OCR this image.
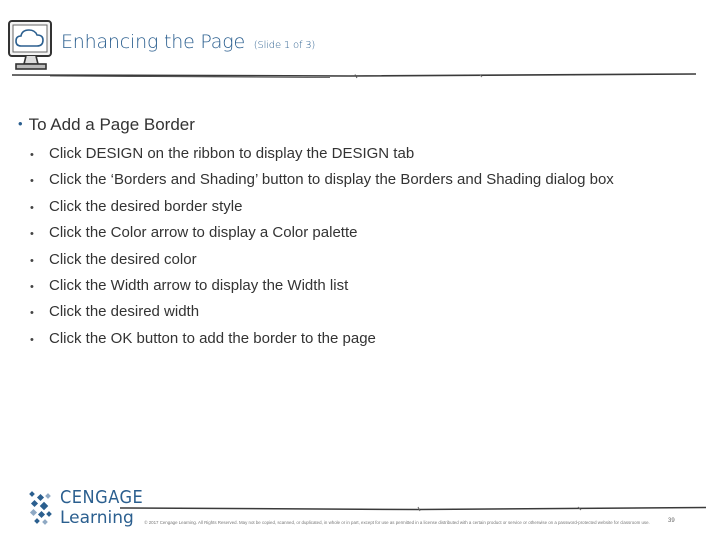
Enhancing the Page (Slide 1 of 3)
• To Add a Page Border
•	Click DESIGN on the ribbon to display the DESIGN tab
•	Click the ‘Borders and Shading’ button to display the Borders and Shading dialog box
•	Click the desired border style
•	Click the Color arrow to display a Color palette
•	Click the desired color
•	Click the Width arrow to display the Width list
•	Click the desired width
•	Click the OK button to add the border to the page
CENGAGE
Learning	© 2017 Cengage Learning. All Rights Reserved. May not be copied, scanned, or duplicated, in whole or in part, except for use as permitted in a license distributed with a certain product or service or otherwise on a password-protected website for classroom use.	39
